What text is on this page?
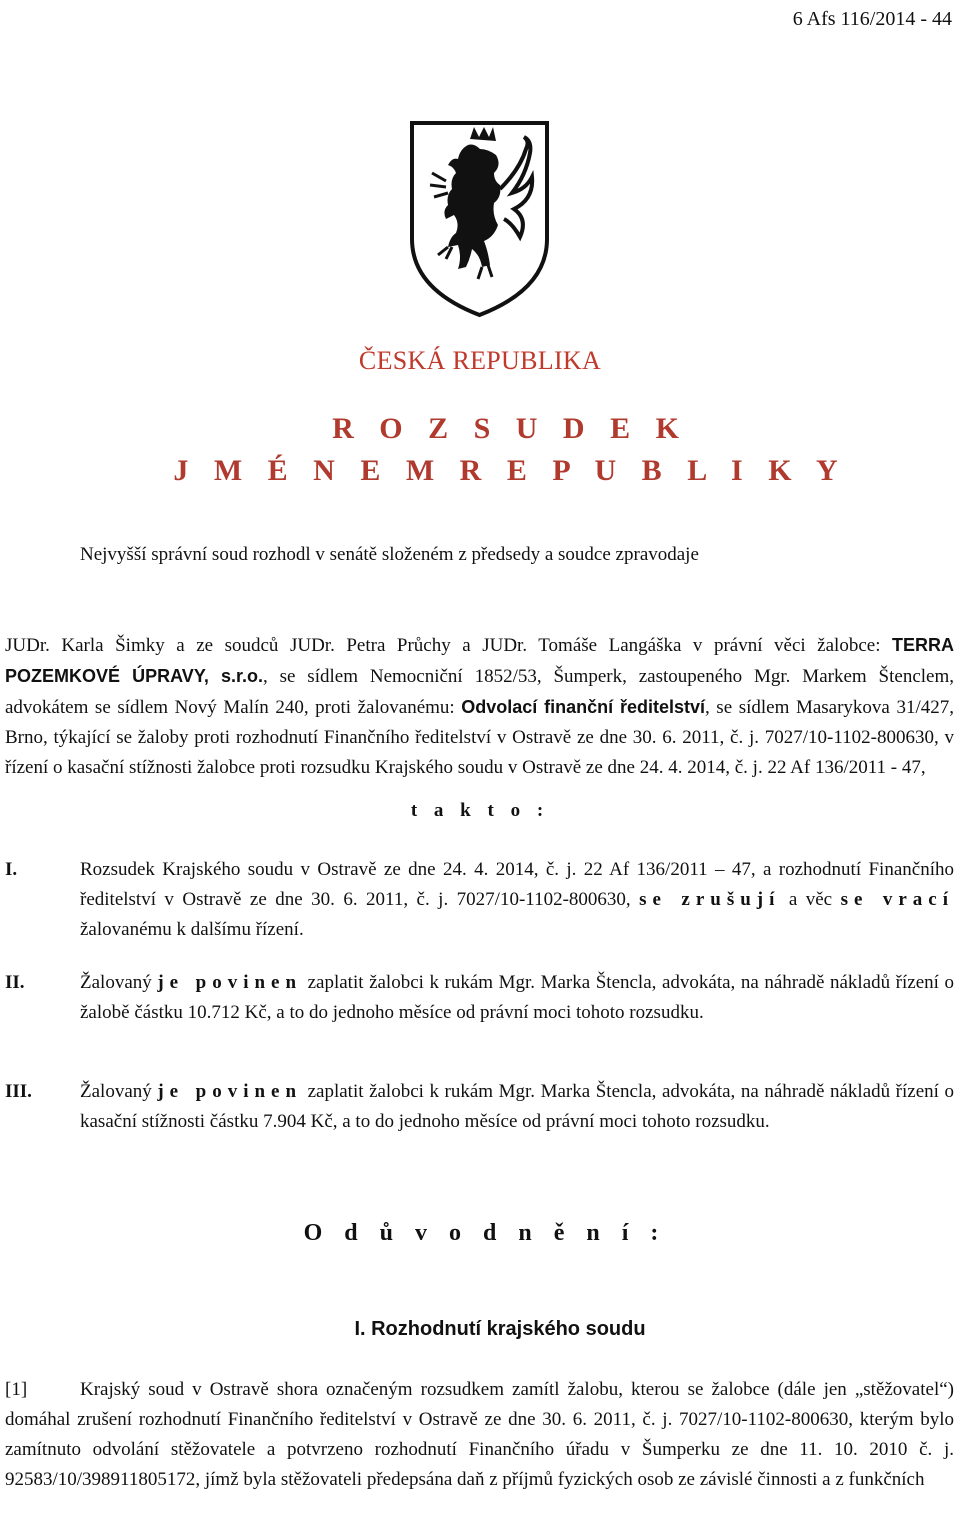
6 Afs 116/2014 - 44
ČESKÁ REPUBLIKA
R O Z S U D E K
J M É N E M R E P U B L I K Y
Nejvyšší správní soud rozhodl v senátě složeném z předsedy a soudce zpravodaje
JUDr. Karla Šimky a ze soudců JUDr. Petra Průchy a JUDr. Tomáše Langáška v právní věci žalobce: TERRA POZEMKOVÉ ÚPRAVY, s.r.o., se sídlem Nemocniční 1852/53, Šumperk, zastoupeného Mgr. Markem Štenclem, advokátem se sídlem Nový Malín 240, proti žalovanému: Odvolací finanční ředitelství, se sídlem Masarykova 31/427, Brno, týkající se žaloby proti rozhodnutí Finančního ředitelství v Ostravě ze dne 30. 6. 2011, č. j. 7027/10-1102-800630, v řízení o kasační stížnosti žalobce proti rozsudku Krajského soudu v Ostravě ze dne 24. 4. 2014, č. j. 22 Af 136/2011 - 47,
t a k t o :
I.	Rozsudek Krajského soudu v Ostravě ze dne 24. 4. 2014, č. j. 22 Af 136/2011 – 47, a rozhodnutí Finančního ředitelství v Ostravě ze dne 30. 6. 2011, č. j. 7027/10-1102-800630, se zrušují a věc se vrací žalovanému k dalšímu řízení.
II.	Žalovaný je povinen zaplatit žalobci k rukám Mgr. Marka Štencla, advokáta, na náhradě nákladů řízení o žalobě částku 10.712 Kč, a to do jednoho měsíce od právní moci tohoto rozsudku.
III.	Žalovaný je povinen zaplatit žalobci k rukám Mgr. Marka Štencla, advokáta, na náhradě nákladů řízení o kasační stížnosti částku 7.904 Kč, a to do jednoho měsíce od právní moci tohoto rozsudku.
O d ů v o d n ě n í :
I. Rozhodnutí krajského soudu
[1]	Krajský soud v Ostravě shora označeným rozsudkem zamítl žalobu, kterou se žalobce (dále jen „stěžovatel“) domáhal zrušení rozhodnutí Finančního ředitelství v Ostravě ze dne 30. 6. 2011, č. j. 7027/10-1102-800630, kterým bylo zamítnuto odvolání stěžovatele a potvrzeno rozhodnutí Finančního úřadu v Šumperku ze dne 11. 10. 2010 č. j. 92583/10/398911805172, jímž byla stěžovateli předepsána daň z příjmů fyzických osob ze závislé činnosti a z funkčních
